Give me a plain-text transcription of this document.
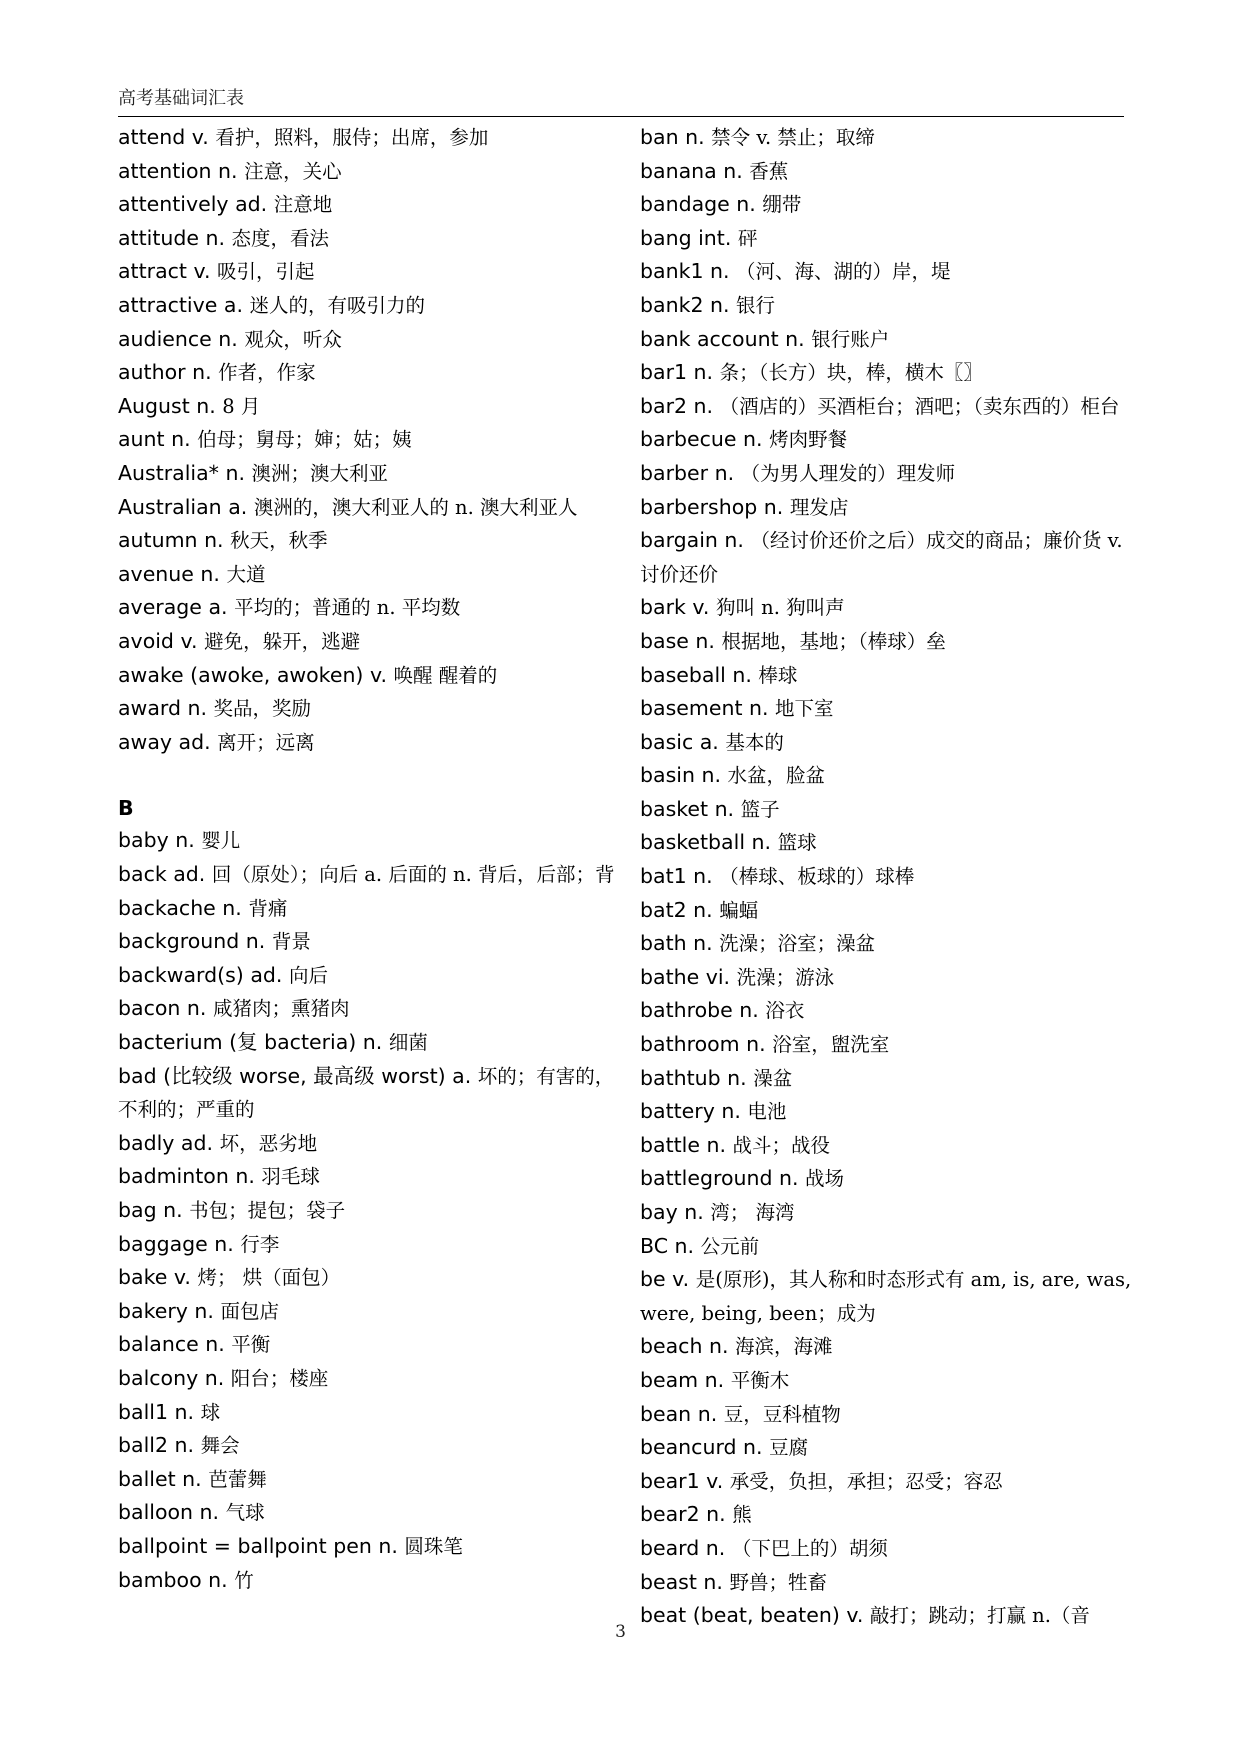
高考基础词汇表

attend v. 看护，照料，服侍；出席，参加

attention n. 注意，关心

attentively ad. 注意地

attitude n. 态度，看法

attract v. 吸引，引起

attractive a. 迷人的，有吸引力的

audience n. 观众，听众

author n. 作者，作家

August n. 8 月

aunt n. 伯母；舅母；婶；姑；姨

Australia* n. 澳洲；澳大利亚

Australian a. 澳洲的，澳大利亚人的 n. 澳大利亚人

autumn n. 秋天，秋季

avenue n. 大道

average a. 平均的；普通的 n. 平均数

avoid v. 避免，躲开，逃避

awake (awoke, awoken) v. 唤醒 醒着的

award n. 奖品，奖励

away ad. 离开；远离

B

baby n. 婴儿

back ad. 回（原处）；向后 a. 后面的 n. 背后，后部；背

backache n. 背痛

background n. 背景

backward(s) ad. 向后

bacon n. 咸猪肉；熏猪肉

bacterium (复 bacteria) n. 细菌

bad (比较级 worse, 最高级 worst) a. 坏的；有害的，不利的；严重的

badly ad. 坏，恶劣地

badminton n. 羽毛球

bag n. 书包；提包；袋子

baggage n. 行李

bake v. 烤； 烘（面包）

bakery n. 面包店

balance n. 平衡

balcony n. 阳台；楼座

ball1 n. 球

ball2 n. 舞会

ballet n. 芭蕾舞

balloon n. 气球

ballpoint = ballpoint pen n. 圆珠笔

bamboo n. 竹

ban n. 禁令 v. 禁止；取缔

banana n. 香蕉

bandage n. 绷带

bang int. 砰

bank1 n. （河、海、湖的）岸，堤

bank2 n. 银行

bank account n. 银行账户

bar1 n. 条；（长方）块，棒，横木〖〗

bar2 n. （酒店的）买酒柜台；酒吧；（卖东西的）柜台

barbecue n. 烤肉野餐

barber n. （为男人理发的）理发师

barbershop n. 理发店

bargain n. （经讨价还价之后）成交的商品；廉价货 v. 讨价还价

bark v. 狗叫 n. 狗叫声

base n. 根据地，基地；（棒球）垒

baseball n. 棒球

basement n. 地下室

basic a. 基本的

basin n. 水盆，脸盆

basket n. 篮子

basketball n. 篮球

bat1 n. （棒球、板球的）球棒

bat2 n. 蝙蝠

bath n. 洗澡；浴室；澡盆

bathe vi. 洗澡；游泳

bathrobe n. 浴衣

bathroom n. 浴室，盥洗室

bathtub n. 澡盆

battery n. 电池

battle n. 战斗；战役

battleground n. 战场

bay n. 湾； 海湾

BC n. 公元前

be v. 是(原形)，其人称和时态形式有 am, is, are, was, were, being, been；成为

beach n. 海滨，海滩

beam n. 平衡木

bean n. 豆，豆科植物

beancurd n. 豆腐

bear1 v. 承受，负担，承担；忍受；容忍

bear2 n. 熊

beard n. （下巴上的）胡须

beast n. 野兽；牲畜

beat (beat, beaten) v. 敲打；跳动；打赢 n.（音

3
